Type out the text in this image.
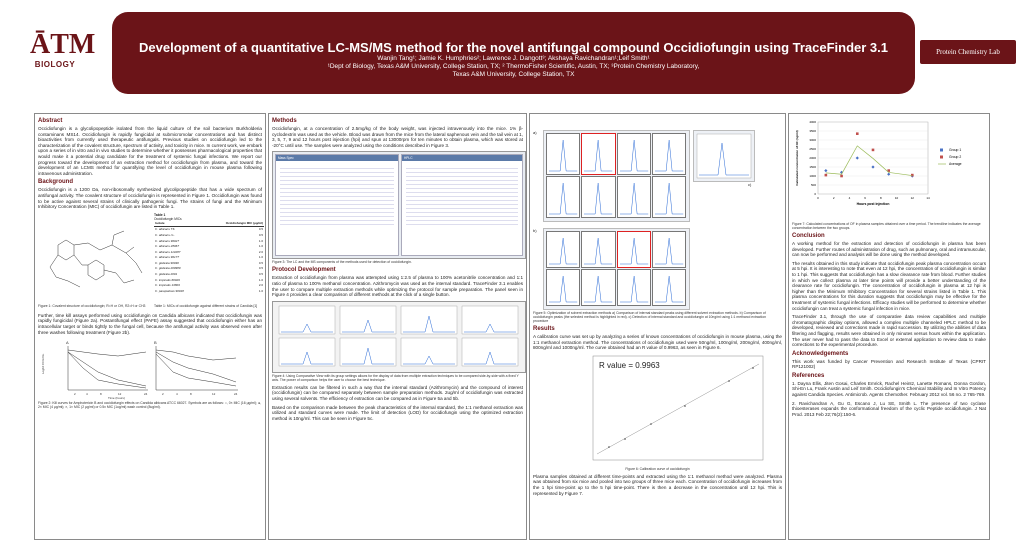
ĀTM
BIOLOGY
Development of a quantitative LC-MS/MS method for the novel antifungal compound Occidiofungin using TraceFinder 3.1
Wanjin Tang¹; Jamie K. Humphries²; Lawrence J. Dangott³; Akshaya Ravichandran¹;Leif Smith¹
¹Dept of Biology, Texas A&M University, College Station, TX; ² ThermoFisher Scientific, Austin, TX; ³Protein Chemistry Laboratory,
Texas A&M University, College Station, TX
Protein Chemistry Lab
Abstract
Occidiofungin is a glycolipopeptide isolated from the liquid culture of the soil bacterium Burkholderia contaminans MS14. Occidiofungin is rapidly fungicidal at submicromolar concentrations and has distinct bioactivities from currently used therapeutic antifungals. Previous studies on occidiofungin led to the characterization of the covalent structure, spectrum of activity, and toxicity in mice. In current work, we embark upon a series of in vitro and in vivo studies to determine whether it possesses pharmacological properties that would make it a potential drug candidate for the treatment of systemic fungal infections. We report our progress toward the development of an extraction method for occidiofungin from plasma, and toward the development of an LCMS method for quantifying the level of occidiofungin in mouse plasma following intravenous administration.
Background
Occidiofungin is a 1200 Da, non-ribosomally synthesized glycolipopeptide that has a wide spectrum of antifungal activity. The covalent structure of occidiofungin is represented in Figure 1. Occidiofungin was found to be active against several strains of clinically pathogenic fungi. The strains of fungi and the Minimum Inhibitory Concentration (MIC) of occidiofungin are listed in Table 1.
Table 1
Occidiofungin MICs
Isolate	Occidiofungin MIC (µg/ml)
C. albicans TS	0.5
C. albicans I.L.	0.5
C. albicans 90027	1.0
C. albicans 28067	1.0
C. albicans 113287	2.0
C. albicans 90177	1.0
C. glabrata 90030	0.5
C. glabrata 200989	0.5
C. glabrata 2001	0.5
C. tropicalis 66029	1.0
C. tropicalis 13803	2.0
C. parapsilosis 90018	1.0
Figure 1: Covalent structure of occidiofungin; R=H or OH, R2=H or CH3	Table 1: MICs of occidiofungin against different strains of Candida [1]
Further, time kill assays performed using occidiofungin on Candida albicans indicated that occidiofungin was rapidly fungicidal (Figure 2a). Postantifungal effect (PAFE) assay suggested that occidiofungin either has an intracellular target or binds tightly to the fungal cell, because the antifungal activity was observed even after three washes following treatment (Figure 2b).
A	B
Log10 CFU/mL
Time (hours)
2	4	8	12	24	2	4	8	12	24
Figure 2: Kill curves for Amphotericin B and occidiofungin effects on Candida albicans ATCC 66027. Symbols are as follows: ○, 0× MIC (16 µg/ml); ●, 2× MIC (4 µg/ml); ×, 1× MIC (2 µg/ml) or 0.5x MIC (1ug/ml) wash control (8ug/ml).
Methods
Occidiofungin, at a concentration of 2.5mg/kg of the body weight, was injected intravenously into the mice. 1% β-cyclodextrin was used as the vehicle. Blood was drawn from the mice from the lateral saphenous vein and the tail vein at 1, 3, 5, 7, 9 and 12 hours post injection (hpi) and spun at 13000rpm for ten minutes to obtain plasma, which was stored at -20°C until use. The samples were analyzed using the conditions described in Figure 3.
Mass Spec	HPLC
Figure 3: The LC and the MS components of the methods used for detection of occidiofungin.
Protocol Development
Extraction of occidiofungin from plasma was attempted using 1:2.5 of plasma to 100% acetonitrile concentration and 1:1 ratio of plasma to 100% methanol concentration. Azithromycin was used as the internal standard. TraceFinder 3.1 enables the user to compare multiple extraction methods while optimizing the protocol for sample preparation. The panel seen in Figure 4 provides a clear comparison of different methods at the click of a single button.
Figure 4: Using Comparative View with its group settings allows for the display of data from multiple extraction techniques to be compared side-by-side with a fixed Y axis. The power of comparison helps the user to choose the best technique.
Extraction results can be filtered in such a way that the internal standard (Azithromycin) and the compound of interest (occidiofungin) can be compared separately between sample preparation methods. 2ug/ml of occidiofungin was extracted using several solvents. The efficiency of extraction can be compared as in Figure 5a and 5b.
Based on the comparison made between the peak characteristics of the internal standard, the 1:1 methanol extraction was utilized and standard curves were made. The limit of detection (LOD) for occidiofungin using the optimized extraction method is 10ng/ml. This can be seen in Figure 5c.
a)
b)
c)
Figure 5: Optimization of solvent extraction methods a) Comparison of internal standard peaks using different solvent extraction methods. b) Comparison of occidiofungin peaks (the selected method is highlighted in red). c) Detection of internal standard and occidiofungin at 10ng/ml using 1:1 methanol extraction procedure
Results
A calibration curve was set up by analyzing a series of known concentrations of occidiofungin in mouse plasma, using the 1:1 methanol extraction method. The concentrations of occidiofungin used were 50ng/ml, 100ng/ml, 200ng/ml, 400ng/ml, 800ng/ml and 1000ng/ml. The curve obtained had an R value of 0.9963, as seen in Figure 6.
R value = 0.9963
Figure 6: Calibration curve of occidiofungin
Plasma samples obtained at different time-points and extracted using the 1:1 methanol method were analyzed. Plasma was obtained from six mice and pooled into two groups of three mice each. Concentration of occidiofungin increases from the 1 hpi time-point up to the 5 hpi time-point. There is then a decrease in the concentration until 12 hpi. This is represented by Figure 7.
0
500
1000
1500
2000
2500
3000
3500
4000
0	2	4	6	8	10	12	14
Hours post injection
Calculated concentration of OF (ng/ml)	Group 1
Group 2
Average
Figure 7: Calculated concentrations of OF in plasma samples obtained over a time period. The trendline indicates the average concentration between the two groups.
Conclusion
A working method for the extraction and detection of occidiofungin in plasma has been developed. Further routes of administration of drug, such as pulmonary, oral and intramuscular, can now be performed and analysis will be done using the method developed.
The results obtained in this study indicate that occidiofungin peak plasma concentration occurs at 5 hpi. It is interesting to note that even at 12 hpi, the concentration of occidiofungin is similar to 1 hpi. This suggests that occidiofungin has a slow clearance rate from blood. Further studies in which we collect plasma at later time points will provide a better understanding of the clearance rate for occidiofungin. The concentration of occidiofungin in plasma at 12 hpi is higher than the Minimum Inhibitory Concentration for several strains listed in Table 1. This plasma concentrations for this duration suggests that occidiofungin may be effective for the treatment of systemic fungal infections. Efficacy studies will be performed to determine whether occidiofungin can treat a systemic fungal infection in mice.
TraceFinder 3.1, through the use of comparative data review capabilities and multiple chromatographic display options, allowed a complex multiple channeled HPLC method to be developed, reviewed and corrections made in rapid succession. By utilizing the abilities of data filtering and flagging, results were obtained in only minutes versus hours within the application. The user never had to pass the data to Excel or external application to review data to make corrections to the experimental procedure.
Acknowledgements
This work was funded by Cancer Prevention and Research Institute of Texas (CPRIT RP121002)
References
1. Dayna Ellis, Jiten Gosai, Charles Emrick, Rachel Heintz, Lanette Romans, Donna Gordon, Shi-En Lu, Frank Austin and Leif Smith. Occidiofungin's Chemical Stability and In Vitro Potency against Candida Species. Antimicrob. Agents Chemother. February 2012 vol. 56 no. 2 765-769.
2. Ravichandran A, Gu G, Escano J, Lu SE, Smith L. The presence of two cyclase thioesterases expands the conformational freedom of the cyclic Peptide occidiofungin. J Nat Prod. 2013 Feb 22;76(2):150-6.
